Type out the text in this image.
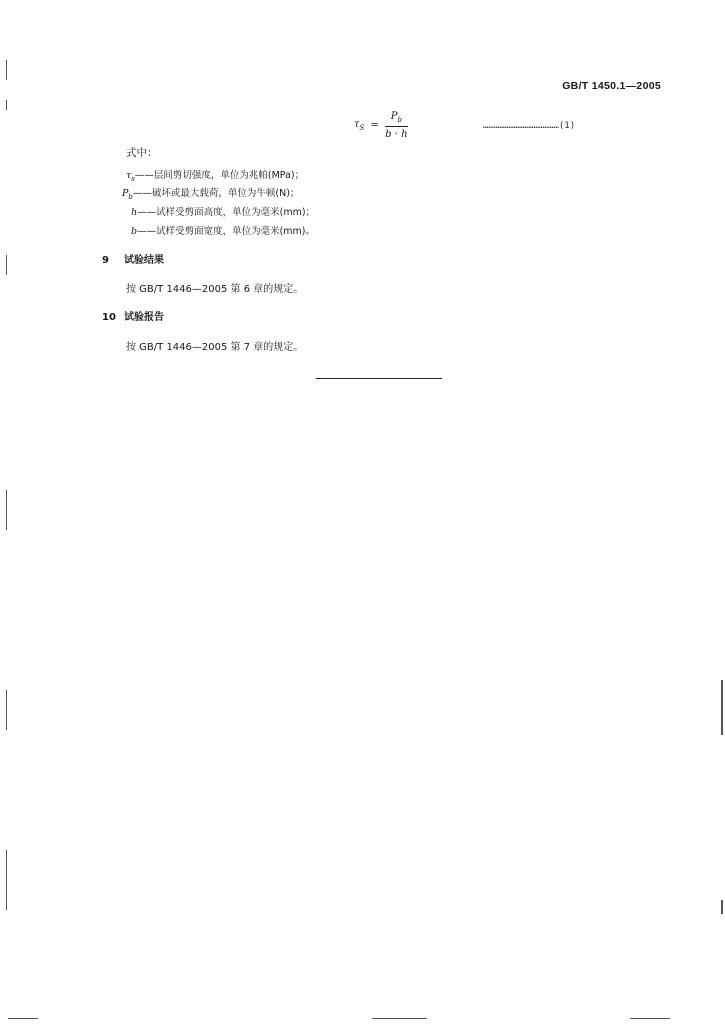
GB/T 1450.1—2005
$\tau_S = \frac{P_b}{b \cdot h}$	……………………………………(1)
式中：
$\tau_s——$层间剪切强度，单位为兆帕(MPa)；
$P_b——$破坏或最大载荷，单位为牛顿(N)；
h——试样受剪面高度，单位为毫米(mm)；
b——试样受剪面宽度，单位为毫米(mm)。
9 试验结果
按 GB/T 1446—2005 第 6 章的规定。
10 试验报告
按 GB/T 1446—2005 第 7 章的规定。
